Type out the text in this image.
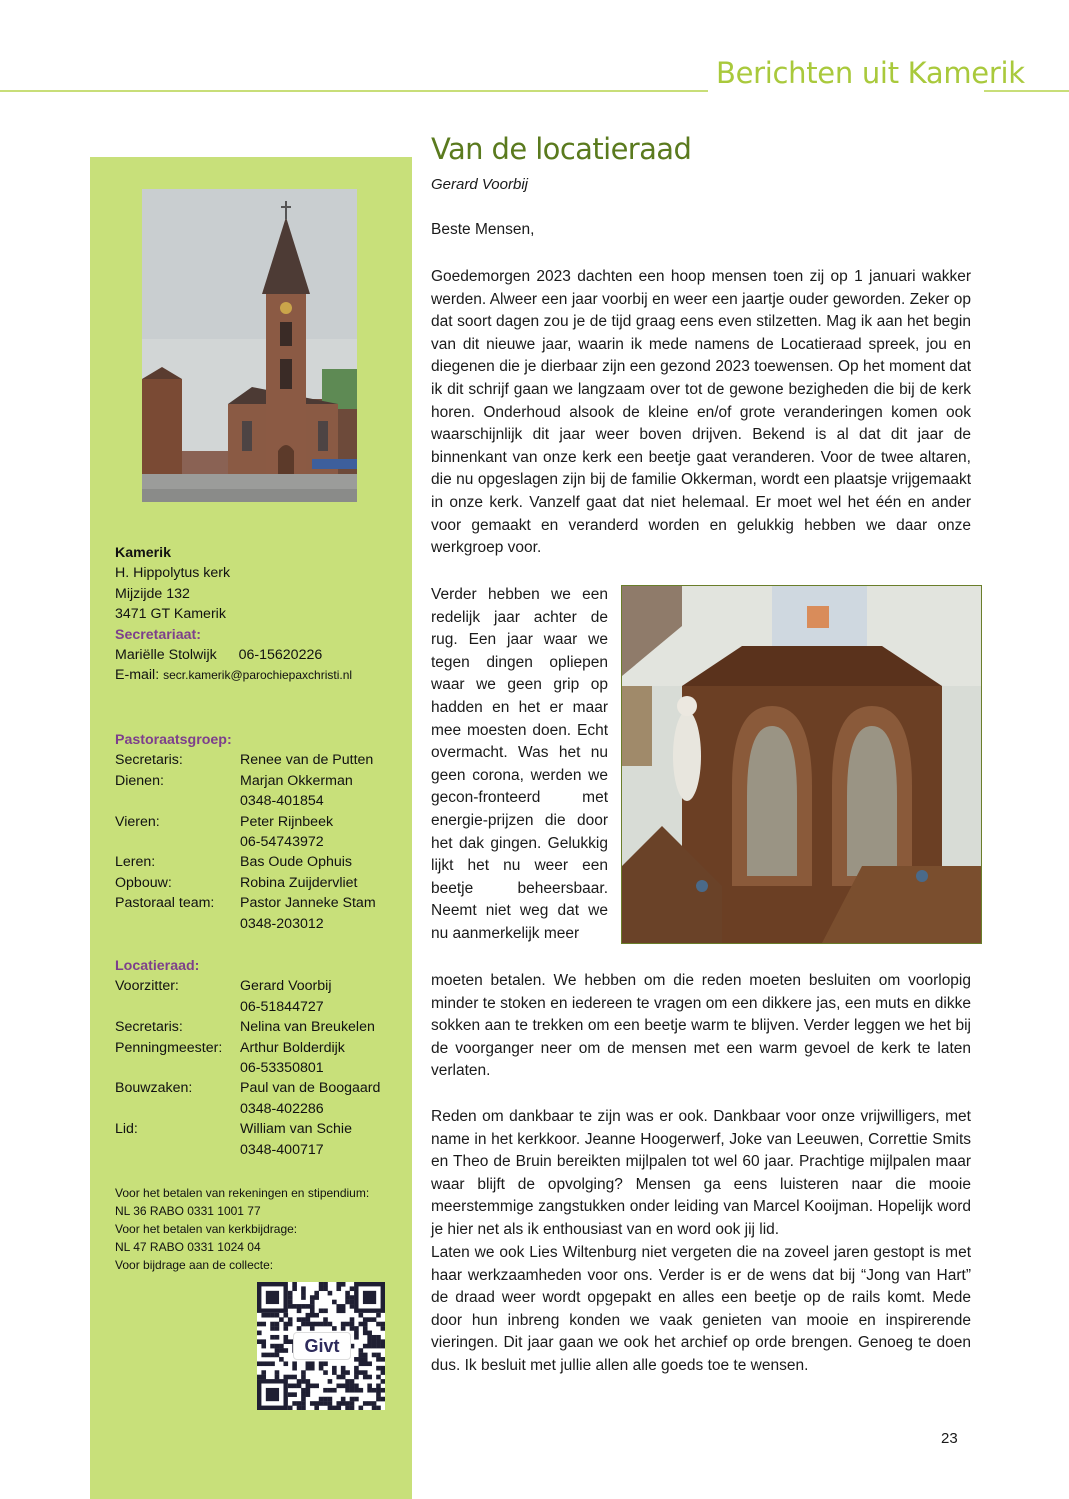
Berichten uit Kamerik
Kamerik
H. Hippolytus kerk
Mijzijde 132
3471 GT Kamerik
Secretariaat:
Mariëlle Stolwijk 06-15620226
E-mail: secr.kamerik@parochiepaxchristi.nl
Pastoraatsgroep:
Secretaris:	Renee van de Putten
Dienen:	Marjan Okkerman
0348-401854
Vieren:	Peter Rijnbeek
06-54743972
Leren:	Bas Oude Ophuis
Opbouw:	Robina Zuijdervliet
Pastoraal team:	Pastor Janneke Stam
0348-203012
Locatieraad:
Voorzitter:	Gerard Voorbij
06-51844727
Secretaris:	Nelina van Breukelen
Penningmeester:	Arthur Bolderdijk
06-53350801
Bouwzaken:	Paul van de Boogaard
0348-402286
Lid:	William van Schie
0348-400717
Voor het betalen van rekeningen en stipendium:
NL 36 RABO 0331 1001 77
Voor het betalen van kerkbijdrage:
NL 47 RABO 0331 1024 04
Voor bijdrage aan de collecte:
Givt
Van de locatieraad
Gerard Voorbij
Beste Mensen,
Goedemorgen 2023 dachten een hoop mensen toen zij op 1 januari wakker werden. Alweer een jaar voorbij en weer een jaartje ouder geworden. Zeker op dat soort dagen zou je de tijd graag eens even stilzetten. Mag ik aan het begin van dit nieuwe jaar, waarin ik mede namens de Locatieraad spreek, jou en diegenen die je dierbaar zijn een gezond 2023 toewensen. Op het moment dat ik dit schrijf gaan we langzaam over tot de gewone bezigheden die bij de kerk horen. Onderhoud alsook de kleine en/of grote veranderingen komen ook waarschijnlijk dit jaar weer boven drijven. Bekend is al dat dit jaar de binnenkant van onze kerk een beetje gaat veranderen. Voor de twee altaren, die nu opgeslagen zijn bij de familie Okkerman, wordt een plaatsje vrijgemaakt in onze kerk. Vanzelf gaat dat niet helemaal. Er moet wel het één en ander voor gemaakt en veranderd worden en gelukkig hebben we daar onze werkgroep voor.
Verder hebben we een redelijk jaar achter de rug. Een jaar waar we tegen dingen opliepen waar we geen grip op hadden en het er maar mee moesten doen. Echt overmacht. Was het nu geen corona, werden we gecon-fronteerd met energie-prijzen die door het dak gingen. Gelukkig lijkt het nu weer een beetje beheersbaar. Neemt niet weg dat we nu aanmerkelijk meer
moeten betalen. We hebben om die reden moeten besluiten om voorlopig minder te stoken en iedereen te vragen om een dikkere jas, een muts en dikke sokken aan te trekken om een beetje warm te blijven. Verder leggen we het bij de voorganger neer om de mensen met een warm gevoel de kerk te laten verlaten.
Reden om dankbaar te zijn was er ook. Dankbaar voor onze vrijwilligers, met name in het kerkkoor. Jeanne Hoogerwerf, Joke van Leeuwen, Correttie Smits en Theo de Bruin bereikten mijlpalen tot wel 60 jaar. Prachtige mijlpalen maar waar blijft de opvolging? Mensen ga eens luisteren naar die mooie meerstemmige zangstukken onder leiding van Marcel Kooijman. Hopelijk word je hier net als ik enthousiast van en word ook jij lid.
Laten we ook Lies Wiltenburg niet vergeten die na zoveel jaren gestopt is met haar werkzaamheden voor ons. Verder is er de wens dat bij “Jong van Hart” de draad weer wordt opgepakt en alles een beetje op de rails komt. Mede door hun inbreng konden we vaak genieten van mooie en inspirerende vieringen. Dit jaar gaan we ook het archief op orde brengen. Genoeg te doen dus. Ik besluit met jullie allen alle goeds toe te wensen.
23
